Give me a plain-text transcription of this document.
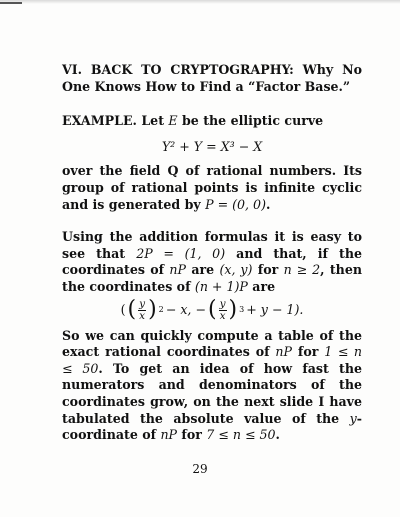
VI. BACK TO CRYPTOGRAPHY: Why No One Knows How to Find a “Factor Base.”

EXAMPLE. Let E be the elliptic curve

Y² + Y = X³ − X

over the field Q of rational numbers. Its group of rational points is infinite cyclic and is generated by P = (0, 0).

Using the addition formulas it is easy to see that 2P = (1, 0) and that, if the coordinates of nP are (x, y) for n ≥ 2, then the coordinates of (n + 1)P are

( ( $\frac{y}{x}$ ) 2 − x, − ( $\frac{y}{x}$ ) 3 + y − 1).

So we can quickly compute a table of the exact rational coordinates of nP for 1 ≤ n ≤ 50. To get an idea of how fast the numerators and denominators of the coordinates grow, on the next slide I have tabulated the absolute value of the y-coordinate of nP for 7 ≤ n ≤ 50.

29
